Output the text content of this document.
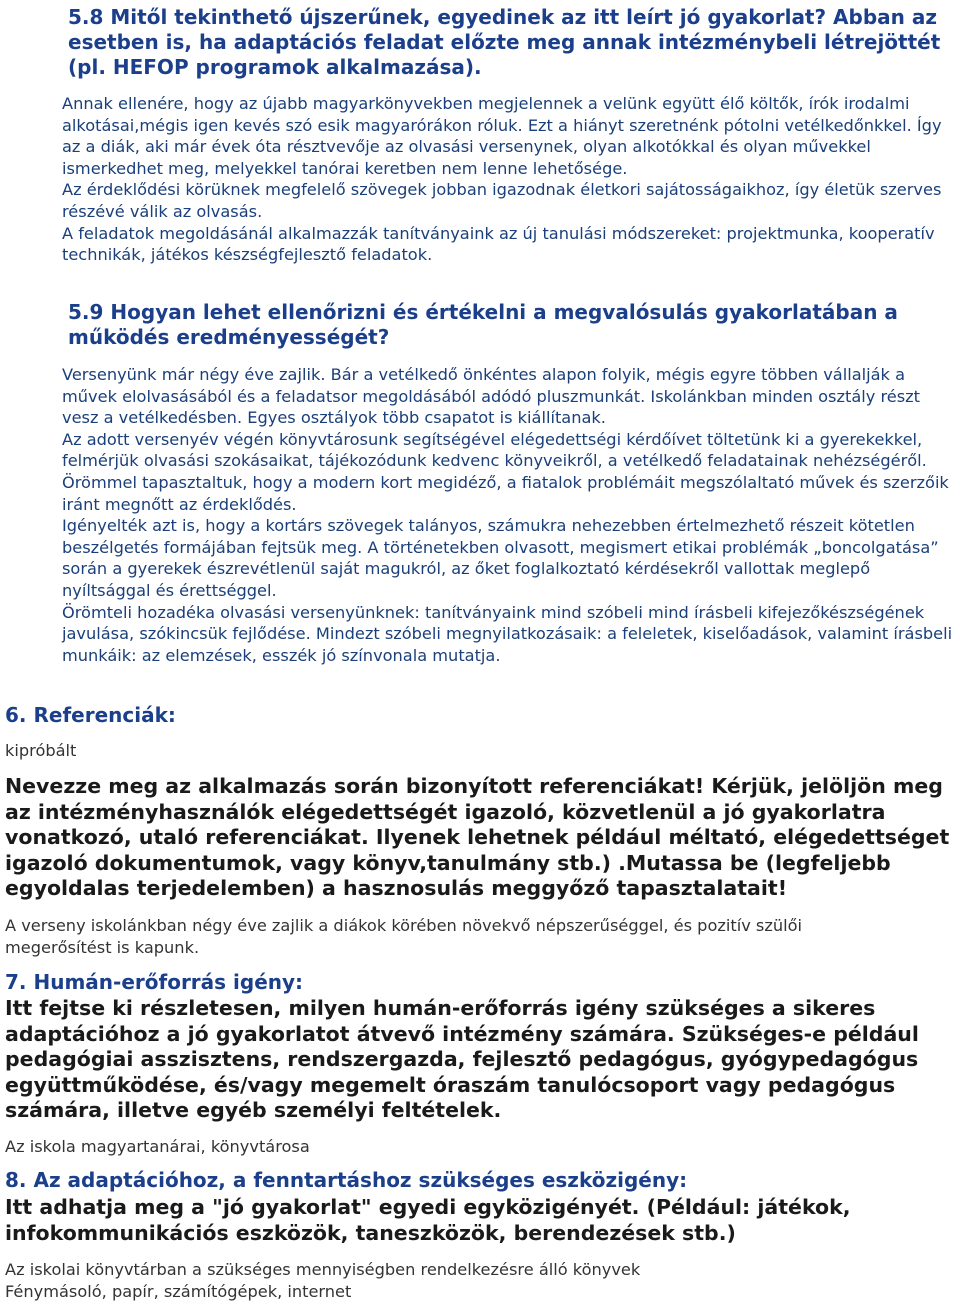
5.8 Mitől tekinthető újszerűnek, egyedinek az itt leírt jó gyakorlat? Abban az esetben is, ha adaptációs feladat előzte meg annak intézménybeli létrejöttét (pl. HEFOP programok alkalmazása).

Annak ellenére, hogy az újabb magyarkönyvekben megjelennek a velünk együtt élő költők, írók irodalmi alkotásai,mégis igen kevés szó esik magyarórákon róluk. Ezt a hiányt szeretnénk pótolni vetélkedőnkkel. Így az a diák, aki már évek óta résztvevője az olvasási versenynek, olyan alkotókkal és olyan művekkel ismerkedhet meg, melyekkel tanórai keretben nem lenne lehetősége.

Az érdeklődési körüknek megfelelő szövegek jobban igazodnak életkori sajátosságaikhoz, így életük szerves részévé válik az olvasás.

A feladatok megoldásánál alkalmazzák tanítványaink az új tanulási módszereket: projektmunka, kooperatív technikák, játékos készségfejlesztő feladatok.

5.9 Hogyan lehet ellenőrizni és értékelni a megvalósulás gyakorlatában a működés eredményességét?

Versenyünk már négy éve zajlik. Bár a vetélkedő önkéntes alapon folyik, mégis egyre többen vállalják a művek elolvasásából és a feladatsor megoldásából adódó pluszmunkát. Iskolánkban minden osztály részt vesz a vetélkedésben. Egyes osztályok több csapatot is kiállítanak.

Az adott versenyév végén könyvtárosunk segítségével elégedettségi kérdőívet töltetünk ki a gyerekekkel, felmérjük olvasási szokásaikat, tájékozódunk kedvenc könyveikről, a vetélkedő feladatainak nehézségéről.

Örömmel tapasztaltuk, hogy a modern kort megidéző, a fiatalok problémáit megszólaltató művek és szerzőik iránt megnőtt az érdeklődés.

Igényelték azt is, hogy a kortárs szövegek talányos, számukra nehezebben értelmezhető részeit kötetlen beszélgetés formájában fejtsük meg. A történetekben olvasott, megismert etikai problémák „boncolgatása” során a gyerekek észrevétlenül saját magukról, az őket foglalkoztató kérdésekről vallottak meglepő nyíltsággal és érettséggel.

Örömteli hozadéka olvasási versenyünknek: tanítványaink mind szóbeli mind írásbeli kifejezőkészségének javulása, szókincsük fejlődése. Mindezt szóbeli megnyilatkozásaik: a feleletek, kiselőadások, valamint írásbeli munkáik: az elemzések, esszék jó színvonala mutatja.

6. Referenciák:

kipróbált

Nevezze meg az alkalmazás során bizonyított referenciákat! Kérjük, jelöljön meg az intézményhasználók elégedettségét igazoló, közvetlenül a jó gyakorlatra vonatkozó, utaló referenciákat. Ilyenek lehetnek például méltató, elégedettséget igazoló dokumentumok, vagy könyv,tanulmány stb.) .Mutassa be (legfeljebb egyoldalas terjedelemben) a hasznosulás meggyőző tapasztalatait!

A verseny iskolánkban négy éve zajlik a diákok körében növekvő népszerűséggel, és pozitív szülői megerősítést is kapunk.

7. Humán-erőforrás igény:

Itt fejtse ki részletesen, milyen humán-erőforrás igény szükséges a sikeres adaptációhoz a jó gyakorlatot átvevő intézmény számára. Szükséges-e például pedagógiai asszisztens, rendszergazda, fejlesztő pedagógus, gyógypedagógus együttműködése, és/vagy megemelt óraszám tanulócsoport vagy pedagógus számára, illetve egyéb személyi feltételek.

Az iskola magyartanárai, könyvtárosa

8. Az adaptációhoz, a fenntartáshoz szükséges eszközigény:

Itt adhatja meg a "jó gyakorlat" egyedi egyközigényét. (Például: játékok, infokommunikációs eszközök, taneszközök, berendezések stb.)

Az iskolai könyvtárban a szükséges mennyiségben rendelkezésre álló könyvek

Fénymásoló, papír, számítógépek, internet
